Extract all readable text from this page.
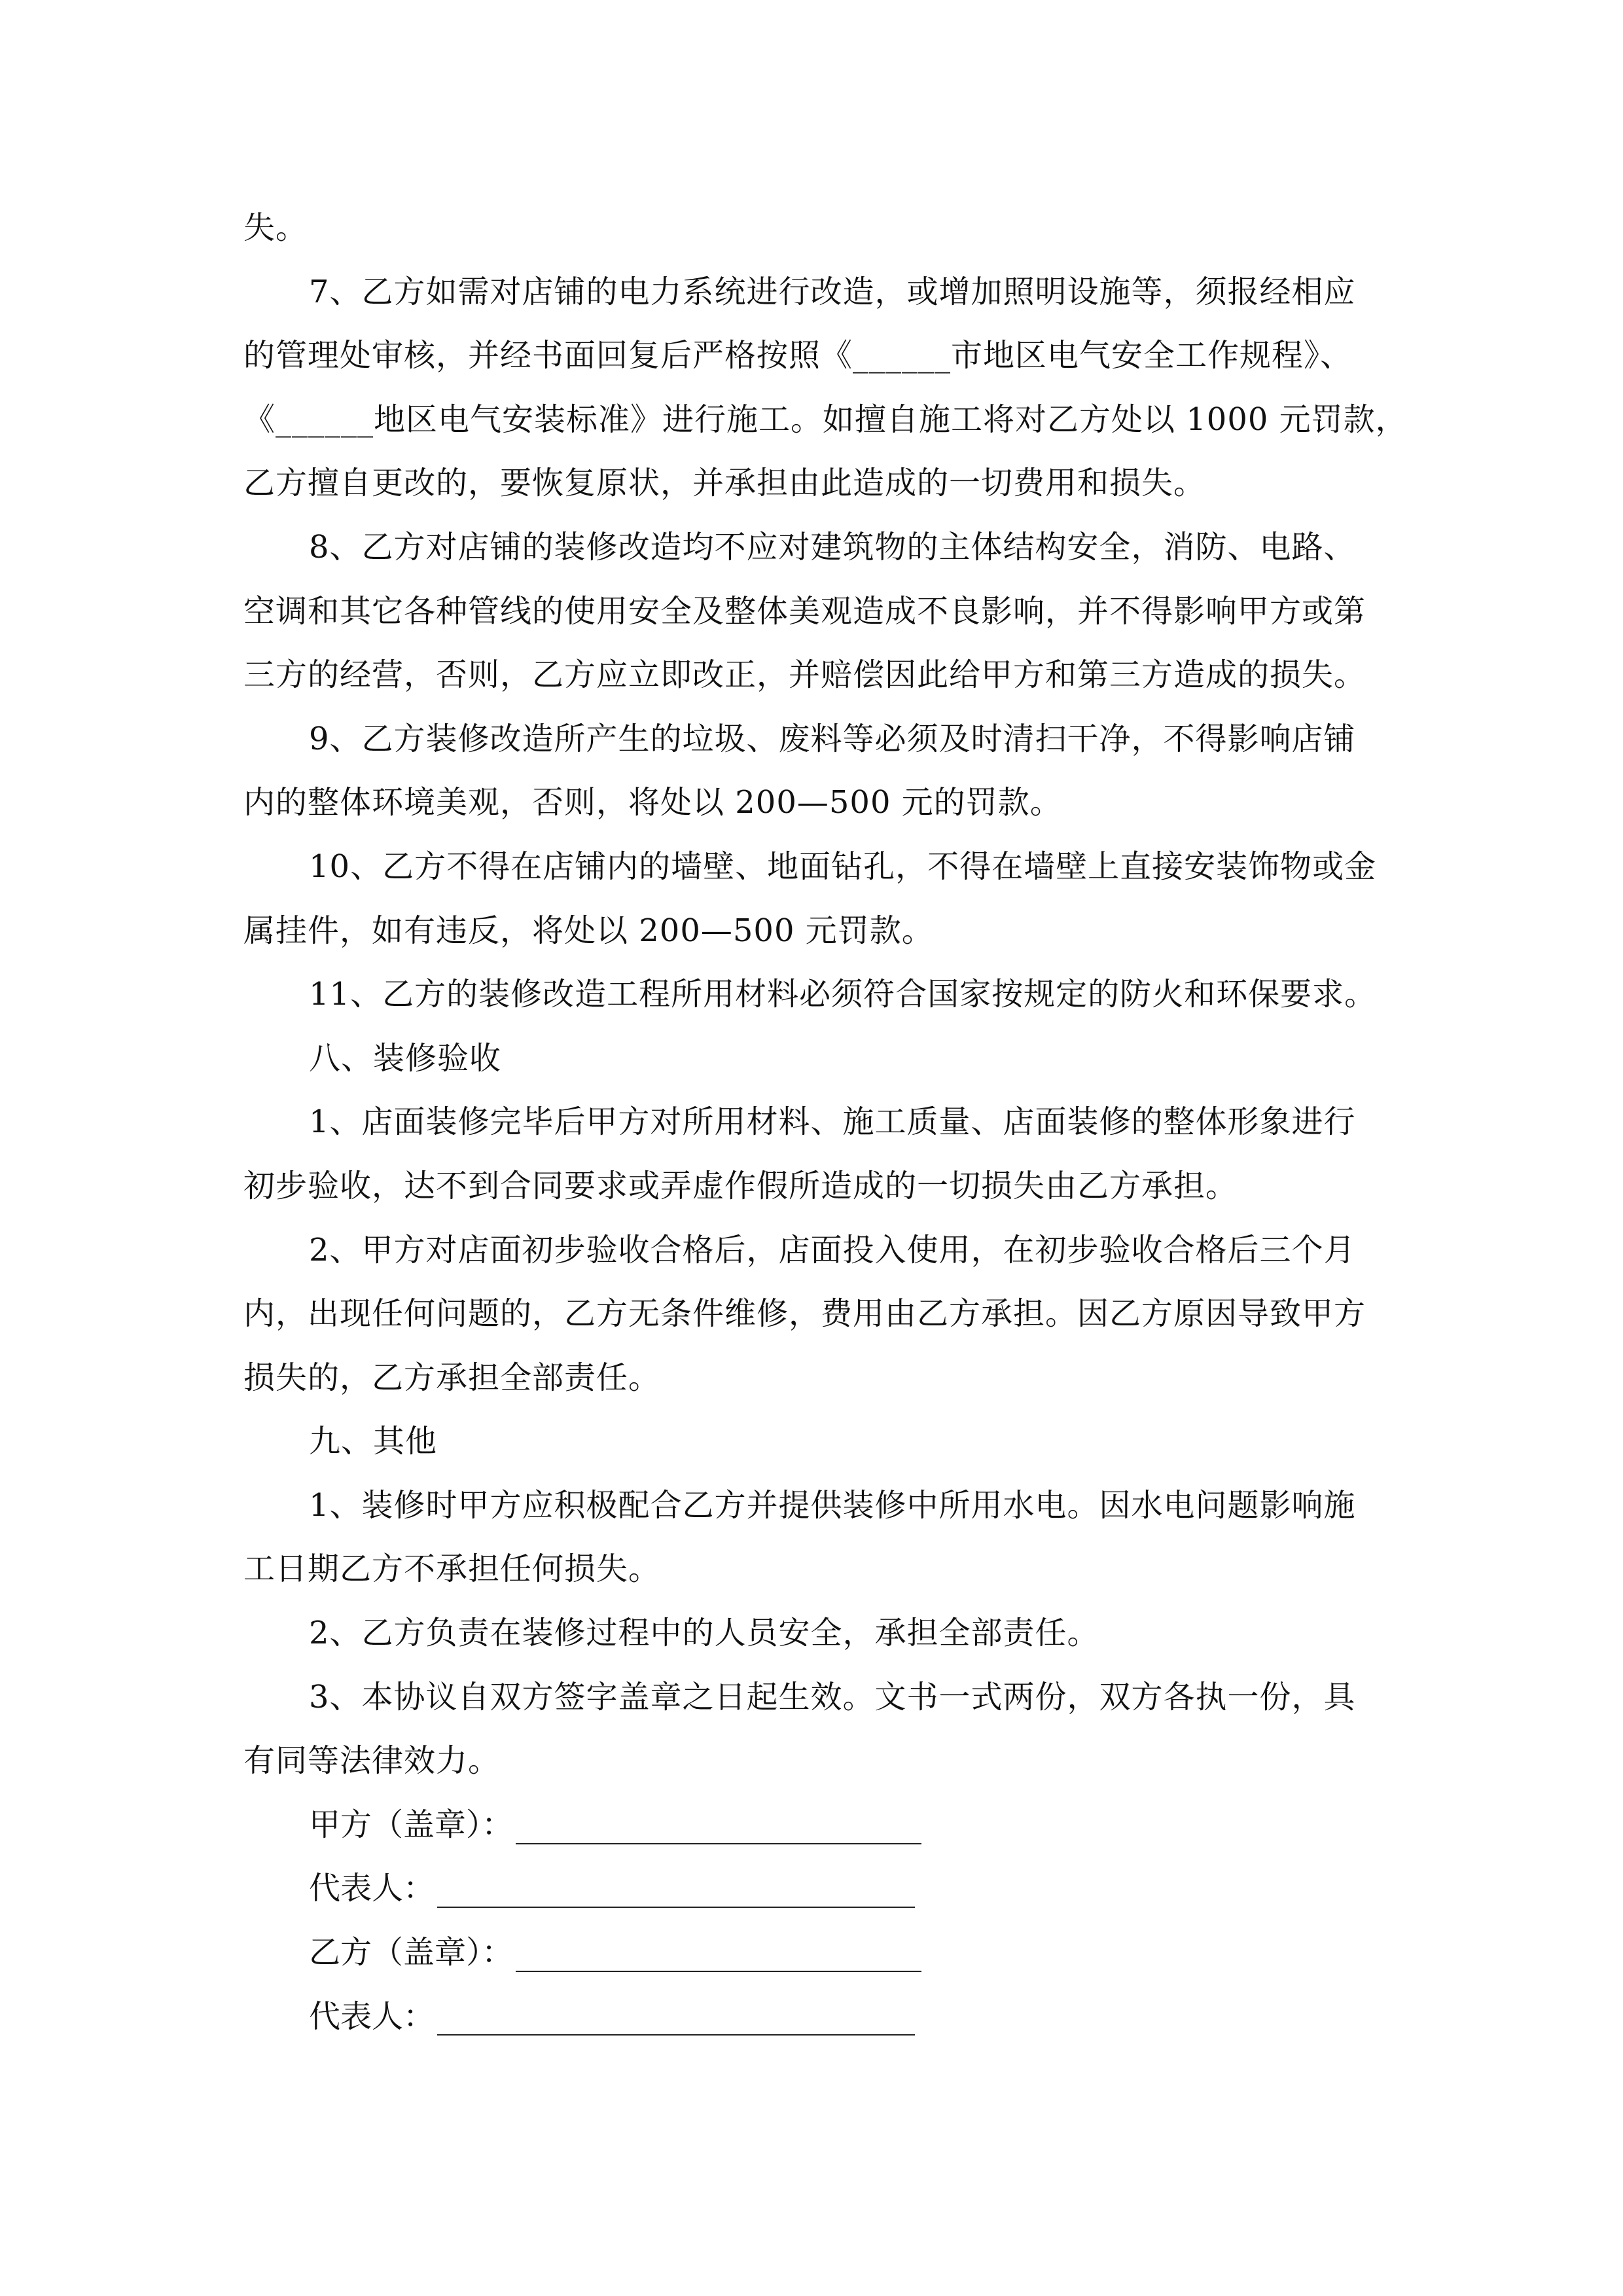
失。
7、乙方如需对店铺的电力系统进行改造，或增加照明设施等，须报经相应
的管理处审核，并经书面回复后严格按照《______市地区电气安全工作规程》、
《______地区电气安装标准》进行施工。如擅自施工将对乙方处以 1000 元罚款，
乙方擅自更改的，要恢复原状，并承担由此造成的一切费用和损失。
8、乙方对店铺的装修改造均不应对建筑物的主体结构安全，消防、电路、
空调和其它各种管线的使用安全及整体美观造成不良影响，并不得影响甲方或第
三方的经营，否则，乙方应立即改正，并赔偿因此给甲方和第三方造成的损失。
9、乙方装修改造所产生的垃圾、废料等必须及时清扫干净，不得影响店铺
内的整体环境美观，否则，将处以 200—500 元的罚款。
10、乙方不得在店铺内的墙壁、地面钻孔，不得在墙壁上直接安装饰物或金
属挂件，如有违反，将处以 200—500 元罚款。
11、乙方的装修改造工程所用材料必须符合国家按规定的防火和环保要求。
八、装修验收
1、店面装修完毕后甲方对所用材料、施工质量、店面装修的整体形象进行
初步验收，达不到合同要求或弄虚作假所造成的一切损失由乙方承担。
2、甲方对店面初步验收合格后，店面投入使用，在初步验收合格后三个月
内，出现任何问题的，乙方无条件维修，费用由乙方承担。因乙方原因导致甲方
损失的，乙方承担全部责任。
九、其他
1、装修时甲方应积极配合乙方并提供装修中所用水电。因水电问题影响施
工日期乙方不承担任何损失。
2、乙方负责在装修过程中的人员安全，承担全部责任。
3、本协议自双方签字盖章之日起生效。文书一式两份，双方各执一份，具
有同等法律效力。
甲方（盖章）：
代表人：
乙方（盖章）：
代表人：
